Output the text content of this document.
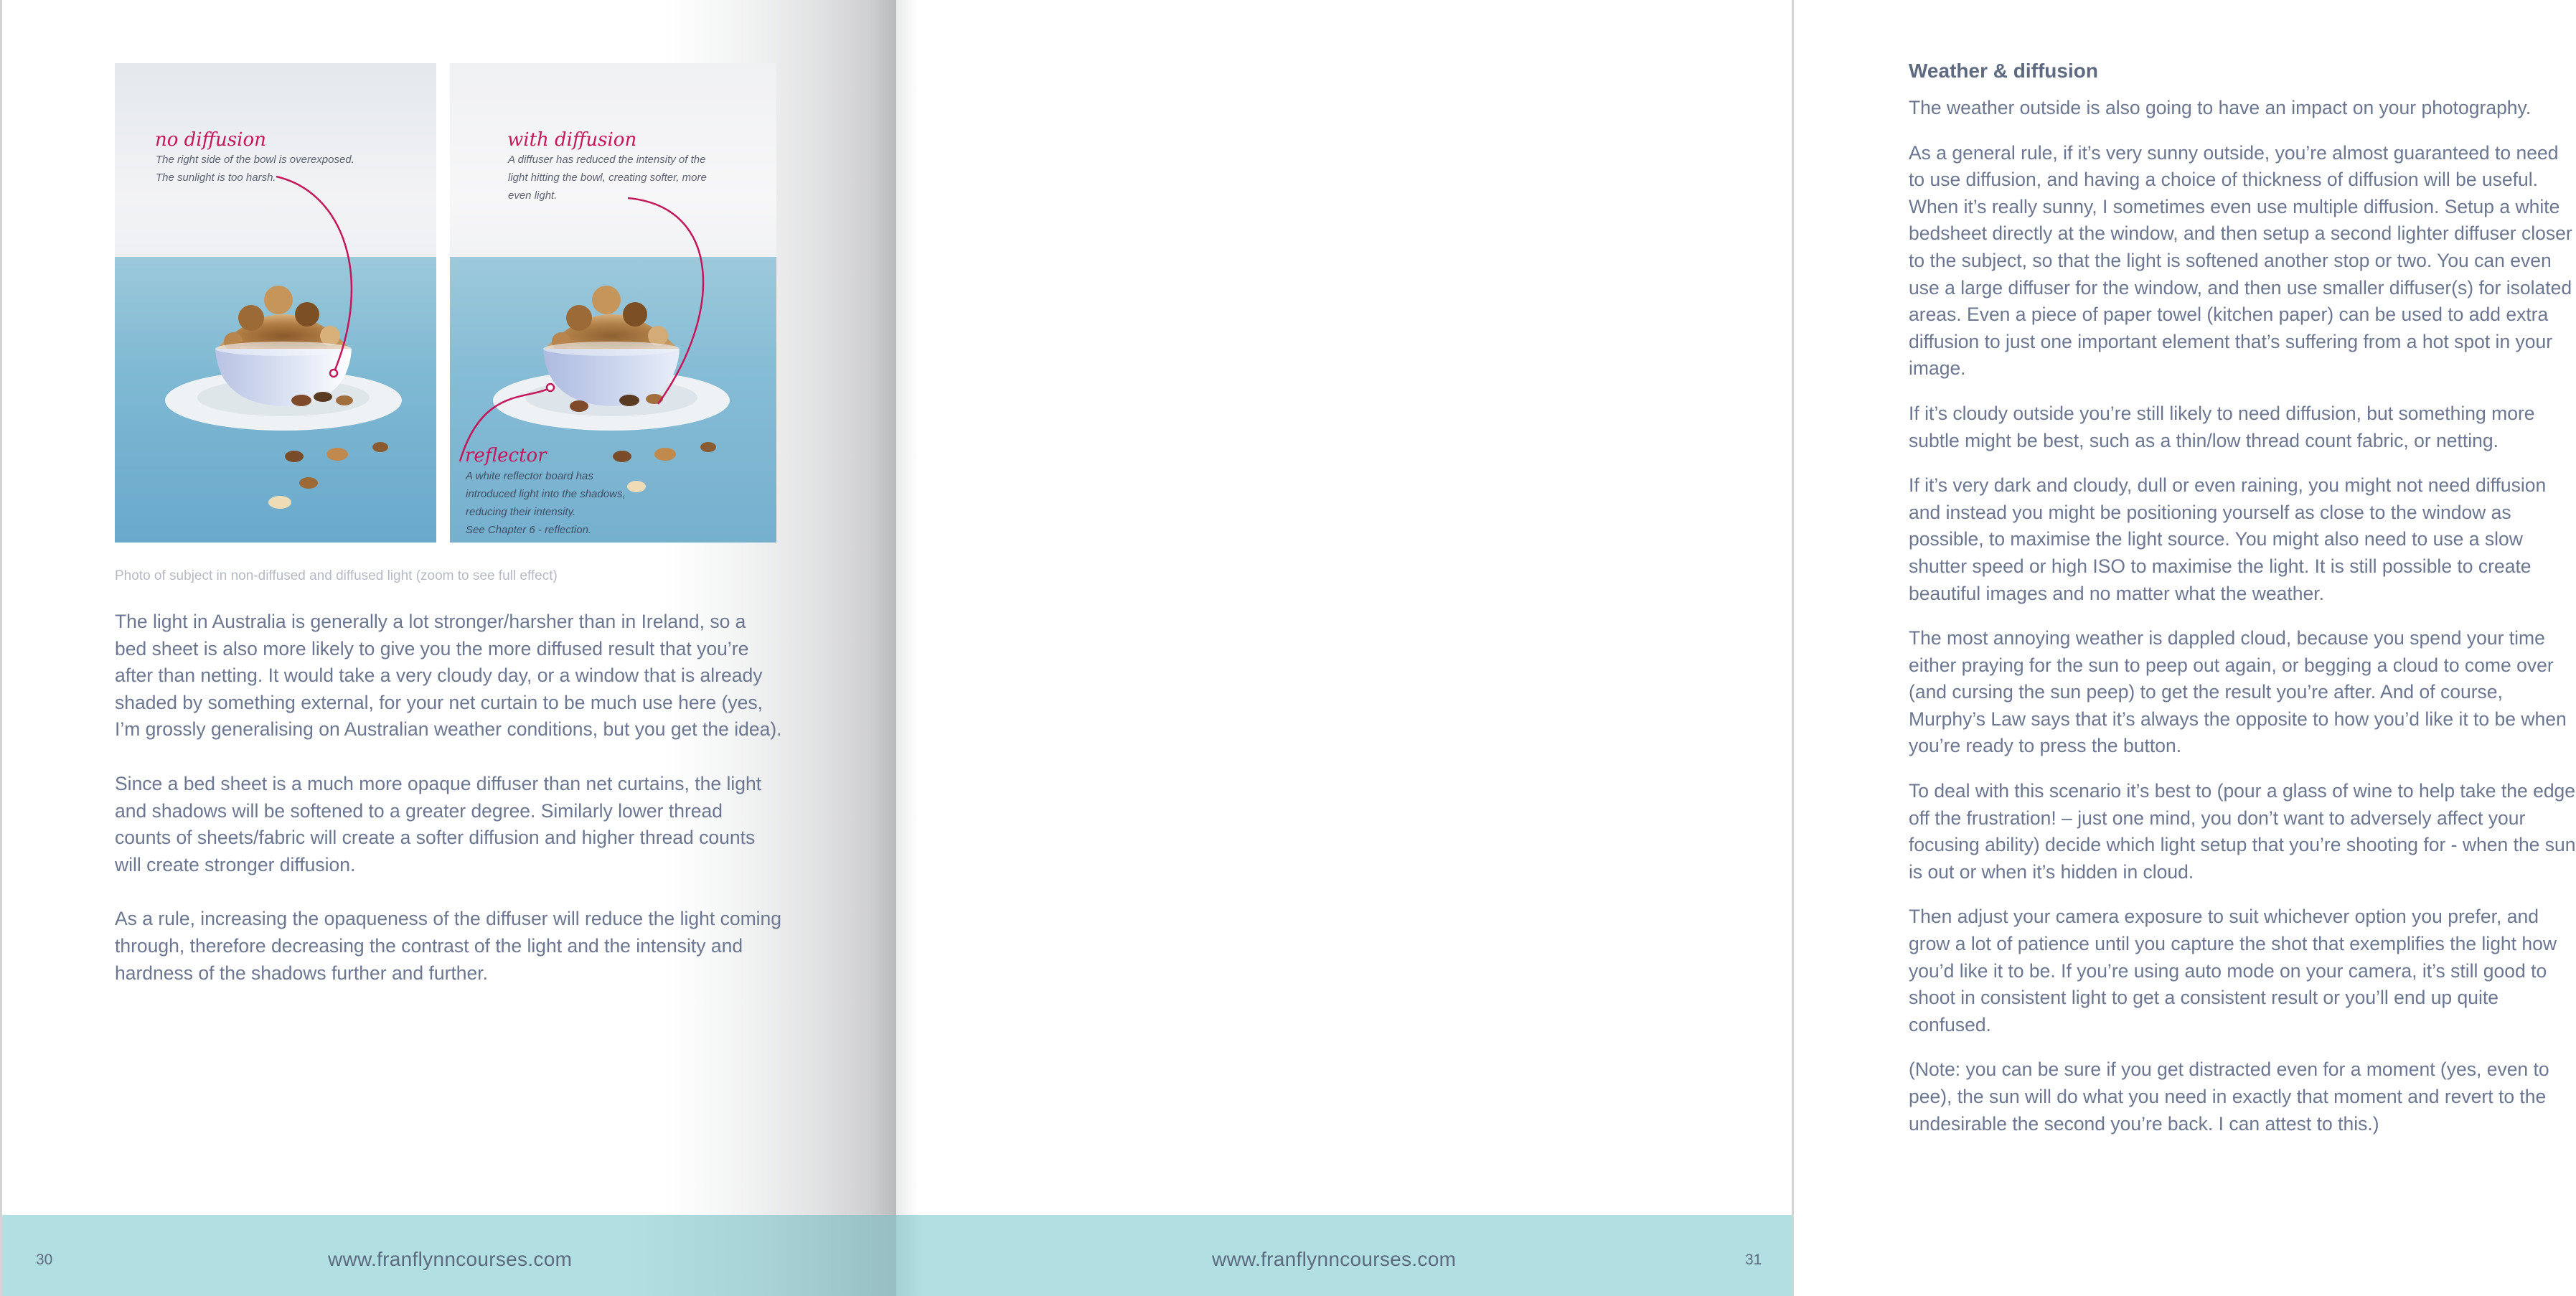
no diffusion
The right side of the bowl is overexposed.
The sunlight is too harsh.
with diffusion
A diffuser has reduced the intensity of the
light hitting the bowl, creating softer, more
even light.
reflector
A white reflector board has
introduced light into the shadows,
reducing their intensity.
See Chapter 6 - reflection.
Photo of subject in non-diffused and diffused light (zoom to see full effect)

The light in Australia is generally a lot stronger/harsher than in Ireland, so a bed sheet is also more likely to give you the more diffused result that you’re after than netting. It would take a very cloudy day, or a window that is already shaded by something external, for your net curtain to be much use here (yes, I’m grossly generalising on Australian weather conditions, but you get the idea).

Since a bed sheet is a much more opaque diffuser than net curtains, the light and shadows will be softened to a greater degree. Similarly lower thread counts of sheets/fabric will create a softer diffusion and higher thread counts will create stronger diffusion.

As a rule, increasing the opaqueness of the diffuser will reduce the light coming through, therefore decreasing the contrast of the light and the intensity and hardness of the shadows further and further.

30	www.franflynncourses.com
Weather & diffusion

The weather outside is also going to have an impact on your photography.

As a general rule, if it’s very sunny outside, you’re almost guaranteed to need to use diffusion, and having a choice of thickness of diffusion will be useful. When it’s really sunny, I sometimes even use multiple diffusion. Setup a white bedsheet directly at the window, and then setup a second lighter diffuser closer to the subject, so that the light is softened another stop or two. You can even use a large diffuser for the window, and then use smaller diffuser(s) for isolated areas. Even a piece of paper towel (kitchen paper) can be used to add extra diffusion to just one important element that’s suffering from a hot spot in your image.

If it’s cloudy outside you’re still likely to need diffusion, but something more subtle might be best, such as a thin/low thread count fabric, or netting.

If it’s very dark and cloudy, dull or even raining, you might not need diffusion and instead you might be positioning yourself as close to the window as possible, to maximise the light source. You might also need to use a slow shutter speed or high ISO to maximise the light. It is still possible to create beautiful images and no matter what the weather.

The most annoying weather is dappled cloud, because you spend your time either praying for the sun to peep out again, or begging a cloud to come over (and cursing the sun peep) to get the result you’re after. And of course, Murphy’s Law says that it’s always the opposite to how you’d like it to be when you’re ready to press the button.

To deal with this scenario it’s best to (pour a glass of wine to help take the edge off the frustration! – just one mind, you don’t want to adversely affect your focusing ability) decide which light setup that you’re shooting for - when the sun is out or when it’s hidden in cloud.

Then adjust your camera exposure to suit whichever option you prefer, and grow a lot of patience until you capture the shot that exemplifies the light how you’d like it to be. If you’re using auto mode on your camera, it’s still good to shoot in consistent light to get a consistent result or you’ll end up quite confused.

(Note: you can be sure if you get distracted even for a moment (yes, even to pee), the sun will do what you need in exactly that moment and revert to the undesirable the second you’re back. I can attest to this.)

www.franflynncourses.com	31
